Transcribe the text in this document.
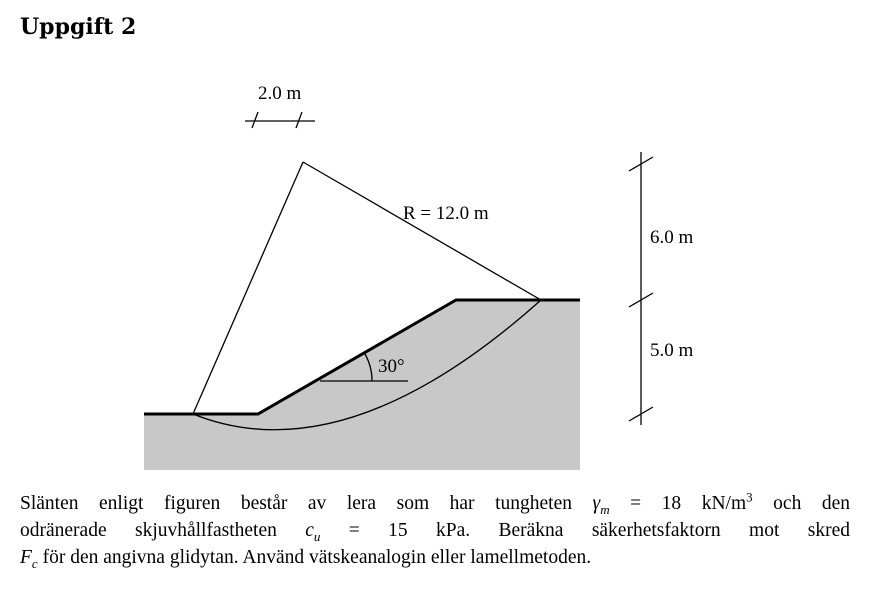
Uppgift 2
R = 12.0 m
2.0 m
6.0 m
5.0 m
30°
Slänten enligt figuren består av lera som har tungheten $\gamma_m = 18$ $kN/m^3$ och den
odränerade skjuvhållfastheten $c_u = 15$ kPa. Beräkna säkerhetsfaktorn mot skred
$F_c$ för den angivna glidytan. Använd vätskeanalogin eller lamellmetoden.
